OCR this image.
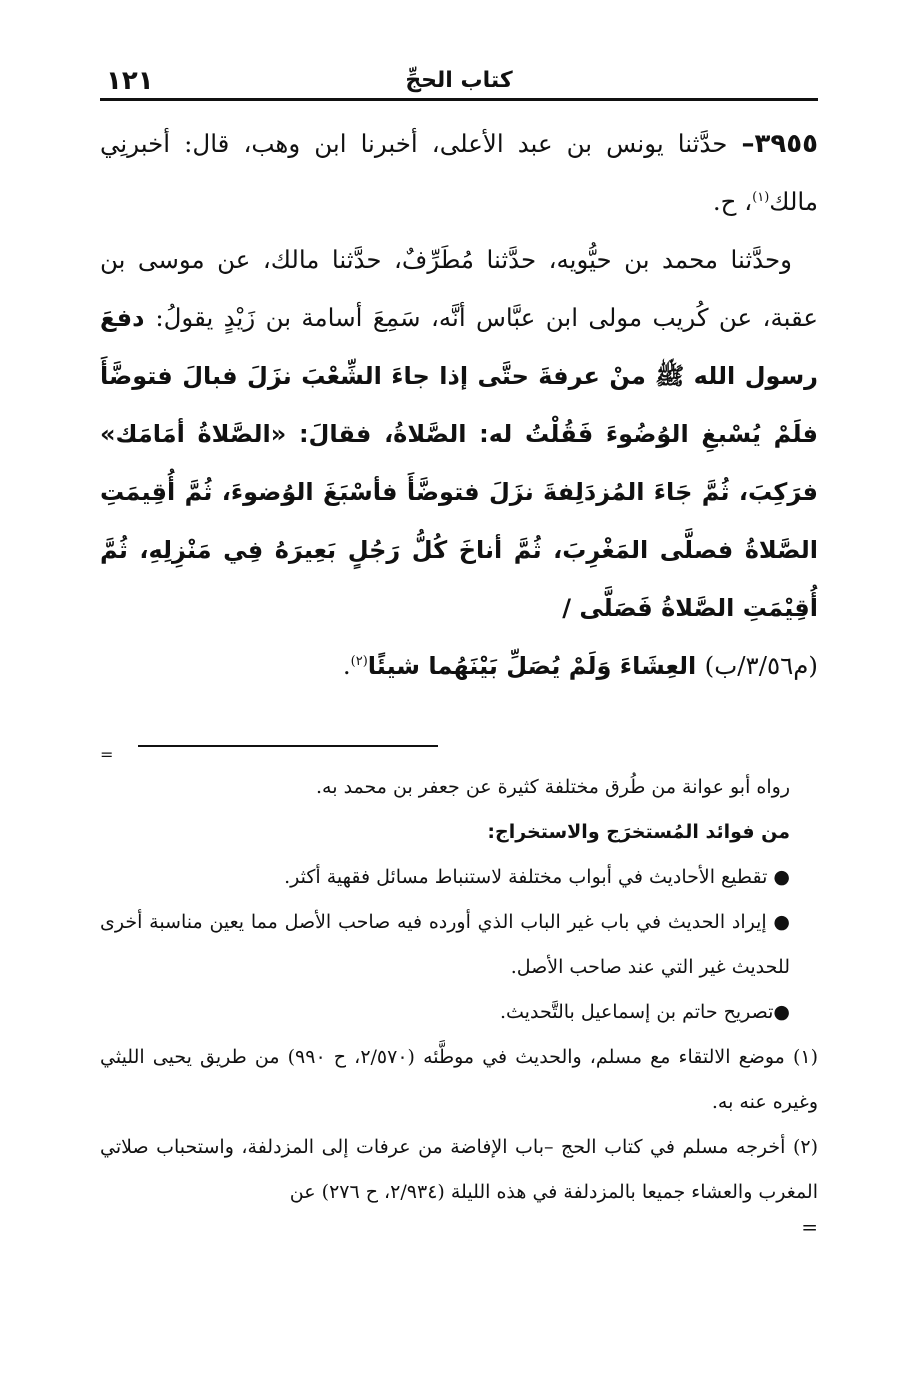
كتاب الحجِّ
١٢١

٣٩٥٥– حدَّثنا يونس بن عبد الأعلى، أخبرنا ابن وهب، قال: أخبرنِي مالك$^{(١)}$، ح.

وحدَّثنا محمد بن حيُّويه، حدَّثنا مُطَرِّفٌ، حدَّثنا مالك، عن موسى بن عقبة، عن كُريب مولى ابن عبَّاس أنَّه، سَمِعَ أسامة بن زَيْدٍ يقولُ: دفعَ رسول الله ﷺ منْ عرفةَ حتَّى إذا جاءَ الشِّعْبَ نزَلَ فبالَ فتوضَّأَ فلَمْ يُسْبغِ الوُضُوءَ فَقُلْتُ له: الصَّلاةُ، فقالَ: «الصَّلاةُ أمَامَك» فرَكِبَ، ثُمَّ جَاءَ المُزدَلِفةَ نزَلَ فتوضَّأَ فأسْبَغَ الوُضوءَ، ثُمَّ أُقِيمَتِ الصَّلاةُ فصلَّى المَغْرِبَ، ثُمَّ أناخَ كُلُّ رَجُلٍ بَعِيرَهُ فِي مَنْزِلِهِ، ثُمَّ أُقِيْمَتِ الصَّلاةُ فَصَلَّى /

(م٣/٥٦/ب) العِشَاءَ وَلَمْ يُصَلِّ بَيْنَهُما شيئًا$^{(٢)}$.

=

رواه أبو عوانة من طُرق مختلفة كثيرة عن جعفر بن محمد به.

من فوائد المُستخرَج والاستخراج:

● تقطيع الأحاديث في أبواب مختلفة لاستنباط مسائل فقهية أكثر.

● إيراد الحديث في باب غير الباب الذي أورده فيه صاحب الأصل مما يعين مناسبة أخرى للحديث غير التي عند صاحب الأصل.

●تصريح حاتم بن إسماعيل بالتَّحديث.

(١) موضع الالتقاء مع مسلم، والحديث في موطَّئه (٢/٥٧٠، ح ٩٩٠) من طريق يحيى الليثي وغيره عنه به.

(٢) أخرجه مسلم في كتاب الحج –باب الإفاضة من عرفات إلى المزدلفة، واستحباب صلاتي المغرب والعشاء جميعا بالمزدلفة في هذه الليلة (٢/٩٣٤، ح ٢٧٦) عن

=
